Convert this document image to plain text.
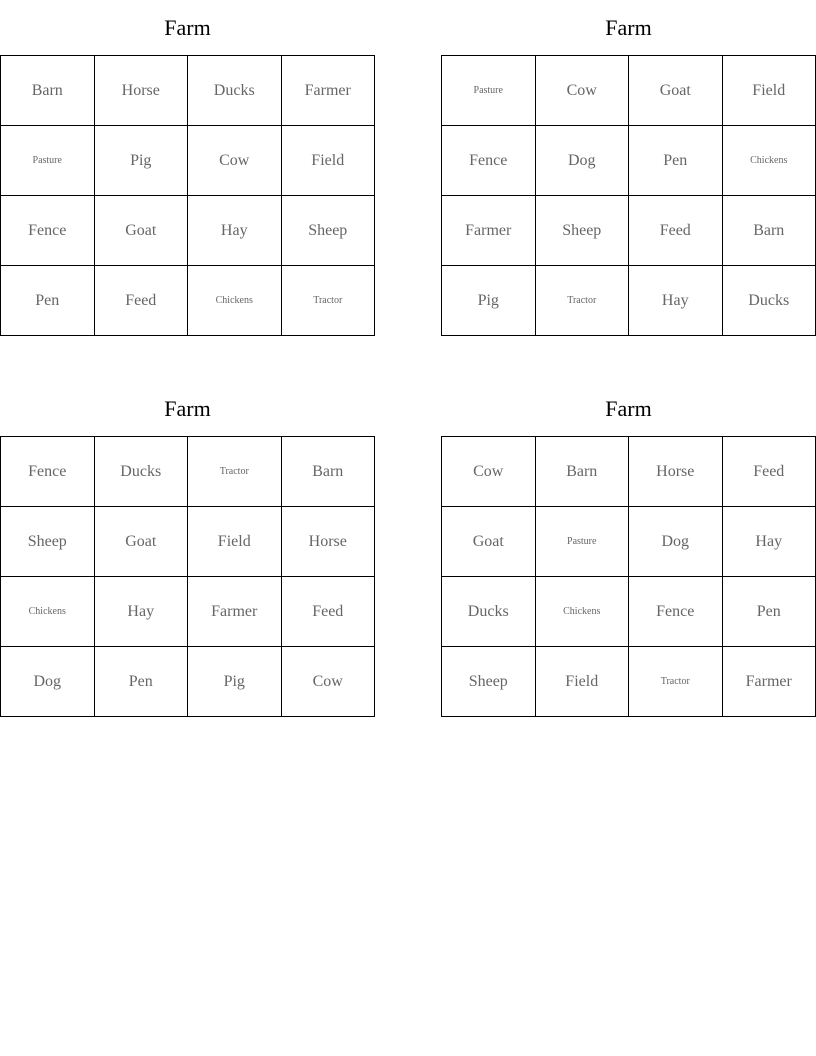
Farm
Barn	Horse	Ducks	Farmer
Pasture	Pig	Cow	Field
Fence	Goat	Hay	Sheep
Pen	Feed	Chickens	Tractor
Farm
Pasture	Cow	Goat	Field
Fence	Dog	Pen	Chickens
Farmer	Sheep	Feed	Barn
Pig	Tractor	Hay	Ducks
Farm
Fence	Ducks	Tractor	Barn
Sheep	Goat	Field	Horse
Chickens	Hay	Farmer	Feed
Dog	Pen	Pig	Cow
Farm
Cow	Barn	Horse	Feed
Goat	Pasture	Dog	Hay
Ducks	Chickens	Fence	Pen
Sheep	Field	Tractor	Farmer
